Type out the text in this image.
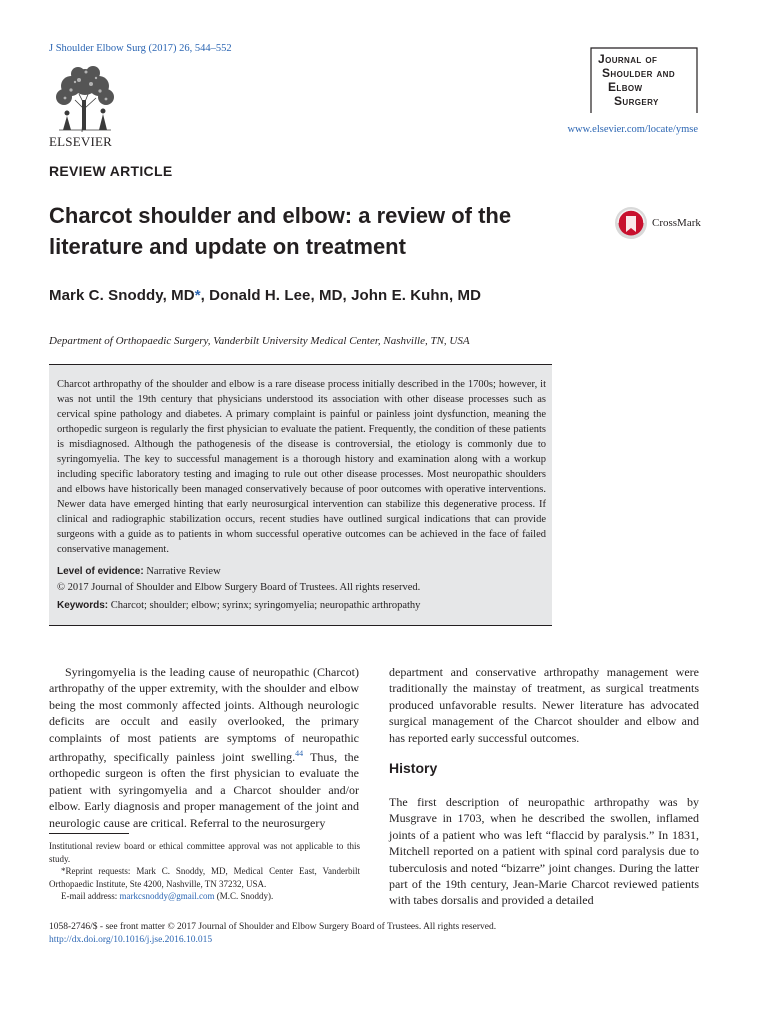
J Shoulder Elbow Surg (2017) 26, 544–552
ELSEVIER
Journal of
Shoulder and
Elbow
Surgery
www.elsevier.com/locate/ymse
REVIEW ARTICLE
Charcot shoulder and elbow: a review of the literature and update on treatment
CrossMark
Mark C. Snoddy, MD*, Donald H. Lee, MD, John E. Kuhn, MD
Department of Orthopaedic Surgery, Vanderbilt University Medical Center, Nashville, TN, USA
Charcot arthropathy of the shoulder and elbow is a rare disease process initially described in the 1700s; however, it was not until the 19th century that physicians understood its association with other disease processes such as cervical spine pathology and diabetes. A primary complaint is painful or painless joint dysfunction, meaning the orthopedic surgeon is regularly the first physician to evaluate the patient. Frequently, the condition of these patients is misdiagnosed. Although the pathogenesis of the disease is controversial, the etiology is commonly due to syringomyelia. The key to successful management is a thorough history and examination along with a workup including specific laboratory testing and imaging to rule out other disease processes. Most neuropathic shoulders and elbows have historically been managed conservatively because of poor outcomes with operative interventions. Newer data have emerged hinting that early neurosurgical intervention can stabilize this degenerative process. If clinical and radiographic stabilization occurs, recent studies have outlined surgical indications that can provide surgeons with a guide as to patients in whom successful operative outcomes can be achieved in the face of failed conservative management.
Level of evidence: Narrative Review
© 2017 Journal of Shoulder and Elbow Surgery Board of Trustees. All rights reserved.
Keywords: Charcot; shoulder; elbow; syrinx; syringomyelia; neuropathic arthropathy

Syringomyelia is the leading cause of neuropathic (Charcot) arthropathy of the upper extremity, with the shoulder and elbow being the most commonly affected joints. Although neurologic deficits are occult and easily overlooked, the primary complaints of most patients are symptoms of neuropathic arthropathy, specifically painless joint swelling.$^{44}$ Thus, the orthopedic surgeon is often the first physician to evaluate the patient with syringomyelia and a Charcot shoulder and/or elbow. Early diagnosis and proper management of the joint and neurologic cause are critical. Referral to the neurosurgery

department and conservative arthropathy management were traditionally the mainstay of treatment, as surgical treatments produced unfavorable results. Newer literature has advocated surgical management of the Charcot shoulder and elbow and has reported early successful outcomes.

History

The first description of neuropathic arthropathy was by Musgrave in 1703, when he described the swollen, inflamed joints of a patient who was left “flaccid by paralysis.” In 1831, Mitchell reported on a patient with spinal cord paralysis due to tuberculosis and noted “bizarre” joint changes. During the latter part of the 19th century, Jean-Marie Charcot reviewed patients with tabes dorsalis and provided a detailed

Institutional review board or ethical committee approval was not applicable to this study.

*Reprint requests: Mark C. Snoddy, MD, Medical Center East, Vanderbilt Orthopaedic Institute, Ste 4200, Nashville, TN 37232, USA.

E-mail address: markcsnoddy@gmail.com (M.C. Snoddy).

1058-2746/$ - see front matter © 2017 Journal of Shoulder and Elbow Surgery Board of Trustees. All rights reserved.
http://dx.doi.org/10.1016/j.jse.2016.10.015
